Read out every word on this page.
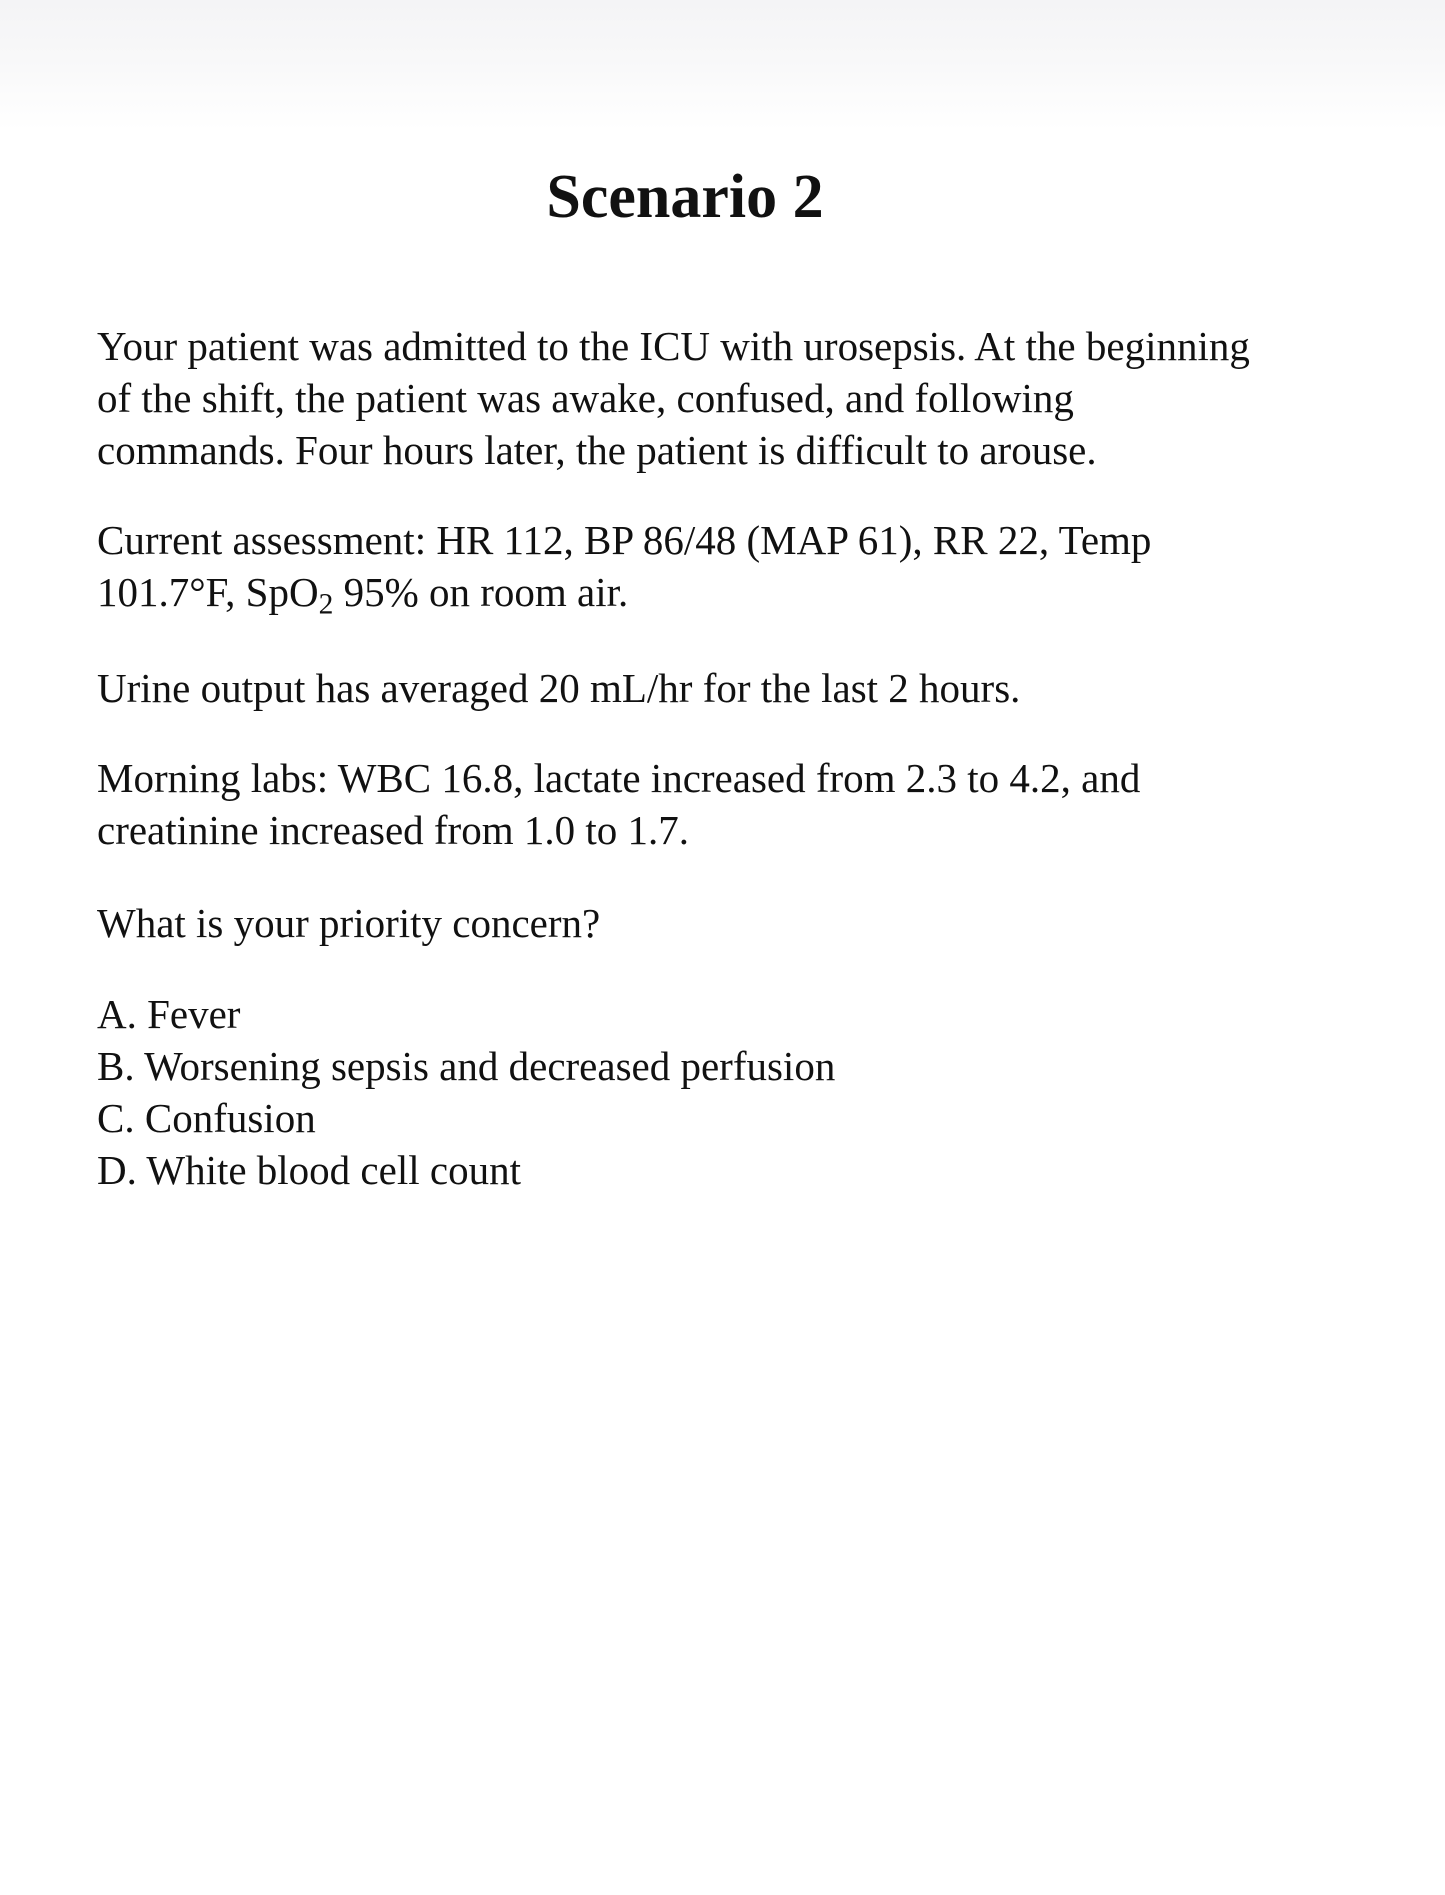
Scenario 2

Your patient was admitted to the ICU with urosepsis. At the beginning
of the shift, the patient was awake, confused, and following
commands. Four hours later, the patient is difficult to arouse.

Current assessment: HR 112, BP 86/48 (MAP 61), RR 22, Temp
101.7°F, SpO$_2$ 95% on room air.

Urine output has averaged 20 mL/hr for the last 2 hours.

Morning labs: WBC 16.8, lactate increased from 2.3 to 4.2, and
creatinine increased from 1.0 to 1.7.

What is your priority concern?

A. Fever
B. Worsening sepsis and decreased perfusion
C. Confusion
D. White blood cell count
